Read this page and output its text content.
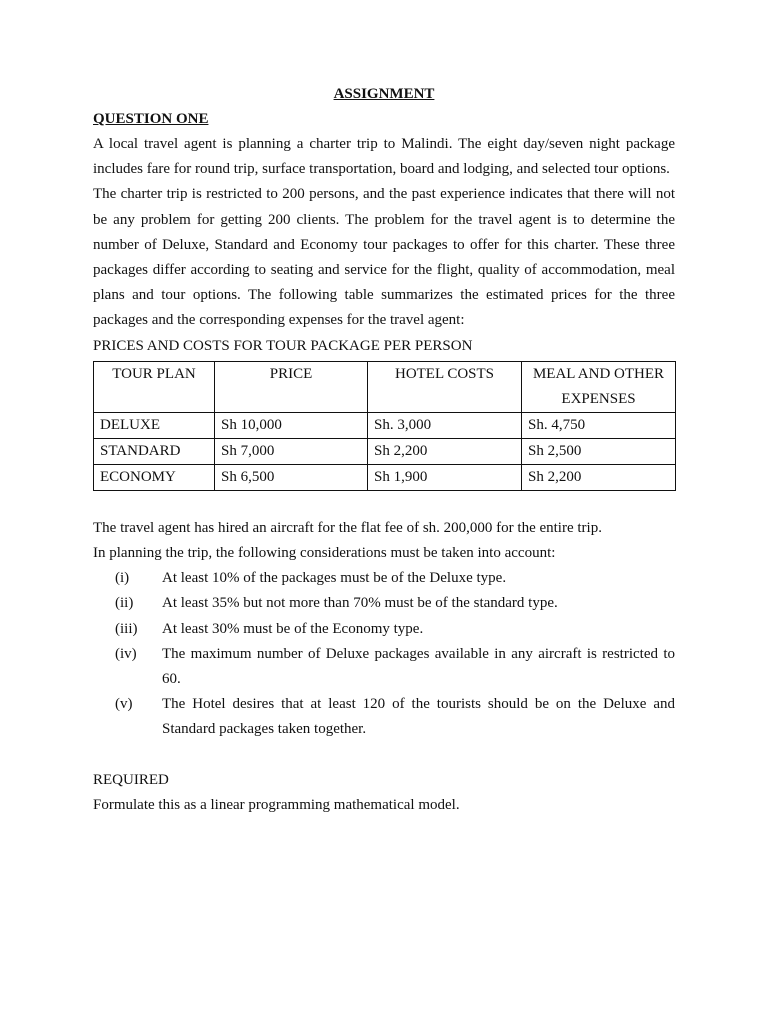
ASSIGNMENT

QUESTION ONE

A local travel agent is planning a charter trip to Malindi. The eight day/seven night package includes fare for round trip, surface transportation, board and lodging, and selected tour options.

The charter trip is restricted to 200 persons, and the past experience indicates that there will not be any problem for getting 200 clients. The problem for the travel agent is to determine the number of Deluxe, Standard and Economy tour packages to offer for this charter. These three packages differ according to seating and service for the flight, quality of accommodation, meal plans and tour options. The following table summarizes the estimated prices for the three packages and the corresponding expenses for the travel agent:

PRICES AND COSTS FOR TOUR PACKAGE PER PERSON

TOUR PLAN	PRICE	HOTEL COSTS	MEAL AND OTHER EXPENSES
DELUXE	Sh 10,000	Sh. 3,000	Sh. 4,750
STANDARD	Sh 7,000	Sh 2,200	Sh 2,500
ECONOMY	Sh 6,500	Sh 1,900	Sh 2,200

The travel agent has hired an aircraft for the flat fee of sh. 200,000 for the entire trip.

In planning the trip, the following considerations must be taken into account:

(i)	At least 10% of the packages must be of the Deluxe type.
(ii)	At least 35% but not more than 70% must be of the standard type.
(iii)	At least 30% must be of the Economy type.
(iv)	The maximum number of Deluxe packages available in any aircraft is restricted to 60.
(v)	The Hotel desires that at least 120 of the tourists should be on the Deluxe and Standard packages taken together.

REQUIRED

Formulate this as a linear programming mathematical model.
